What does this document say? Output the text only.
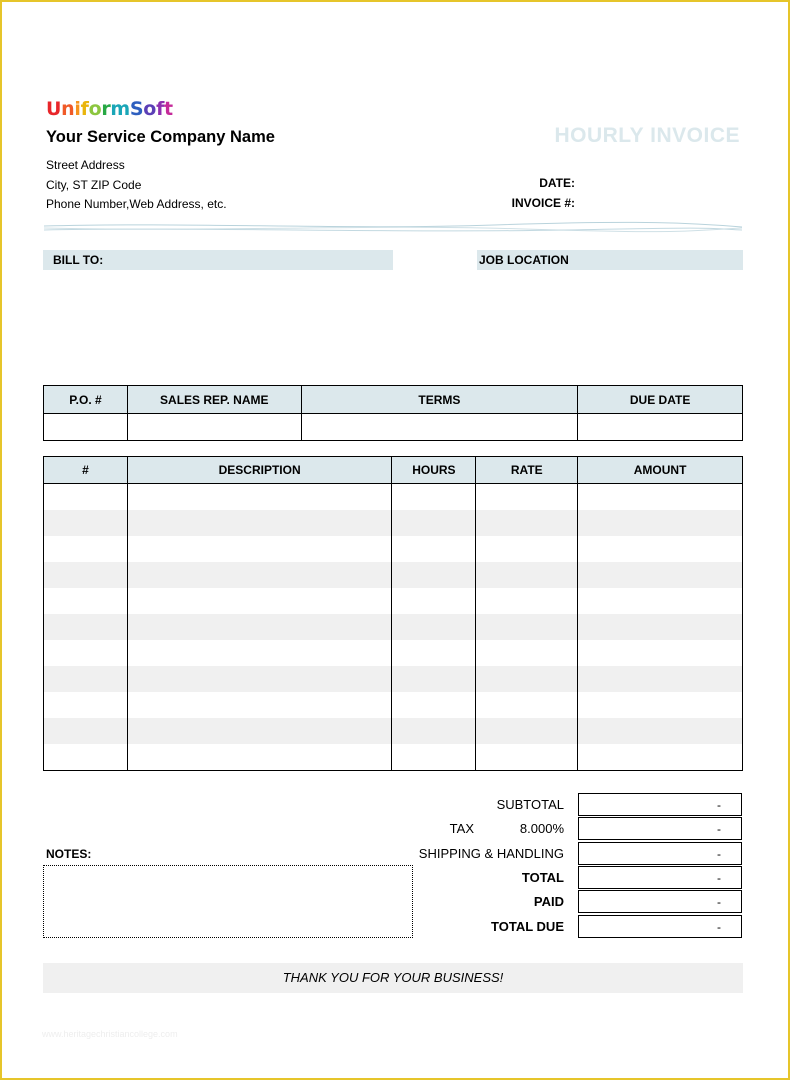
UniformSoft
Your Service Company Name
Street Address
City, ST ZIP Code
Phone Number,Web Address, etc.
HOURLY INVOICE
DATE:
INVOICE #:
BILL TO:	JOB LOCATION
P.O. #	SALES REP. NAME	TERMS	DUE DATE

#	DESCRIPTION	HOURS	RATE	AMOUNT

SUBTOTAL	-
TAX	8.000%	-
SHIPPING & HANDLING	-
TOTAL	-
PAID	-
TOTAL DUE	-
NOTES:
THANK YOU FOR YOUR BUSINESS!
www.heritagechristiancollege.com
